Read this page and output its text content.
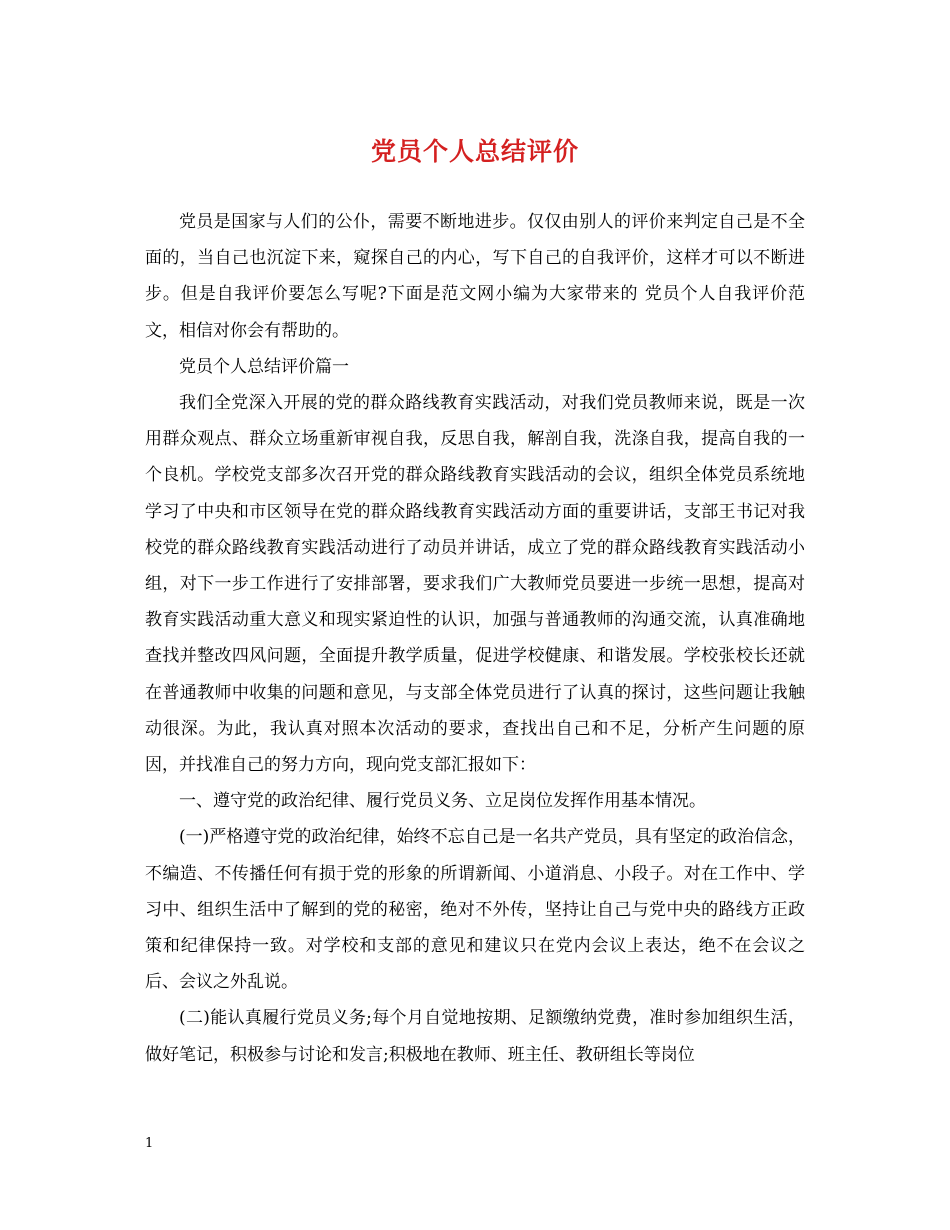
党员个人总结评价

党员是国家与人们的公仆，需要不断地进步。仅仅由别人的评价来判定自己是不全面的，当自己也沉淀下来，窥探自己的内心，写下自己的自我评价，这样才可以不断进步。但是自我评价要怎么写呢?下面是范文网小编为大家带来的 党员个人自我评价范文，相信对你会有帮助的。

党员个人总结评价篇一

我们全党深入开展的党的群众路线教育实践活动，对我们党员教师来说，既是一次用群众观点、群众立场重新审视自我，反思自我，解剖自我，洗涤自我，提高自我的一个良机。学校党支部多次召开党的群众路线教育实践活动的会议，组织全体党员系统地学习了中央和市区领导在党的群众路线教育实践活动方面的重要讲话，支部王书记对我校党的群众路线教育实践活动进行了动员并讲话，成立了党的群众路线教育实践活动小组，对下一步工作进行了安排部署，要求我们广大教师党员要进一步统一思想，提高对教育实践活动重大意义和现实紧迫性的认识，加强与普通教师的沟通交流，认真准确地查找并整改四风问题，全面提升教学质量，促进学校健康、和谐发展。学校张校长还就在普通教师中收集的问题和意见，与支部全体党员进行了认真的探讨，这些问题让我触动很深。为此，我认真对照本次活动的要求，查找出自己和不足，分析产生问题的原因，并找准自己的努力方向，现向党支部汇报如下：

一、遵守党的政治纪律、履行党员义务、立足岗位发挥作用基本情况。

(一)严格遵守党的政治纪律，始终不忘自己是一名共产党员，具有坚定的政治信念，不编造、不传播任何有损于党的形象的所谓新闻、小道消息、小段子。对在工作中、学习中、组织生活中了解到的党的秘密，绝对不外传，坚持让自己与党中央的路线方正政策和纪律保持一致。对学校和支部的意见和建议只在党内会议上表达，绝不在会议之后、会议之外乱说。

(二)能认真履行党员义务;每个月自觉地按期、足额缴纳党费，准时参加组织生活，做好笔记，积极参与讨论和发言;积极地在教师、班主任、教研组长等岗位

1
